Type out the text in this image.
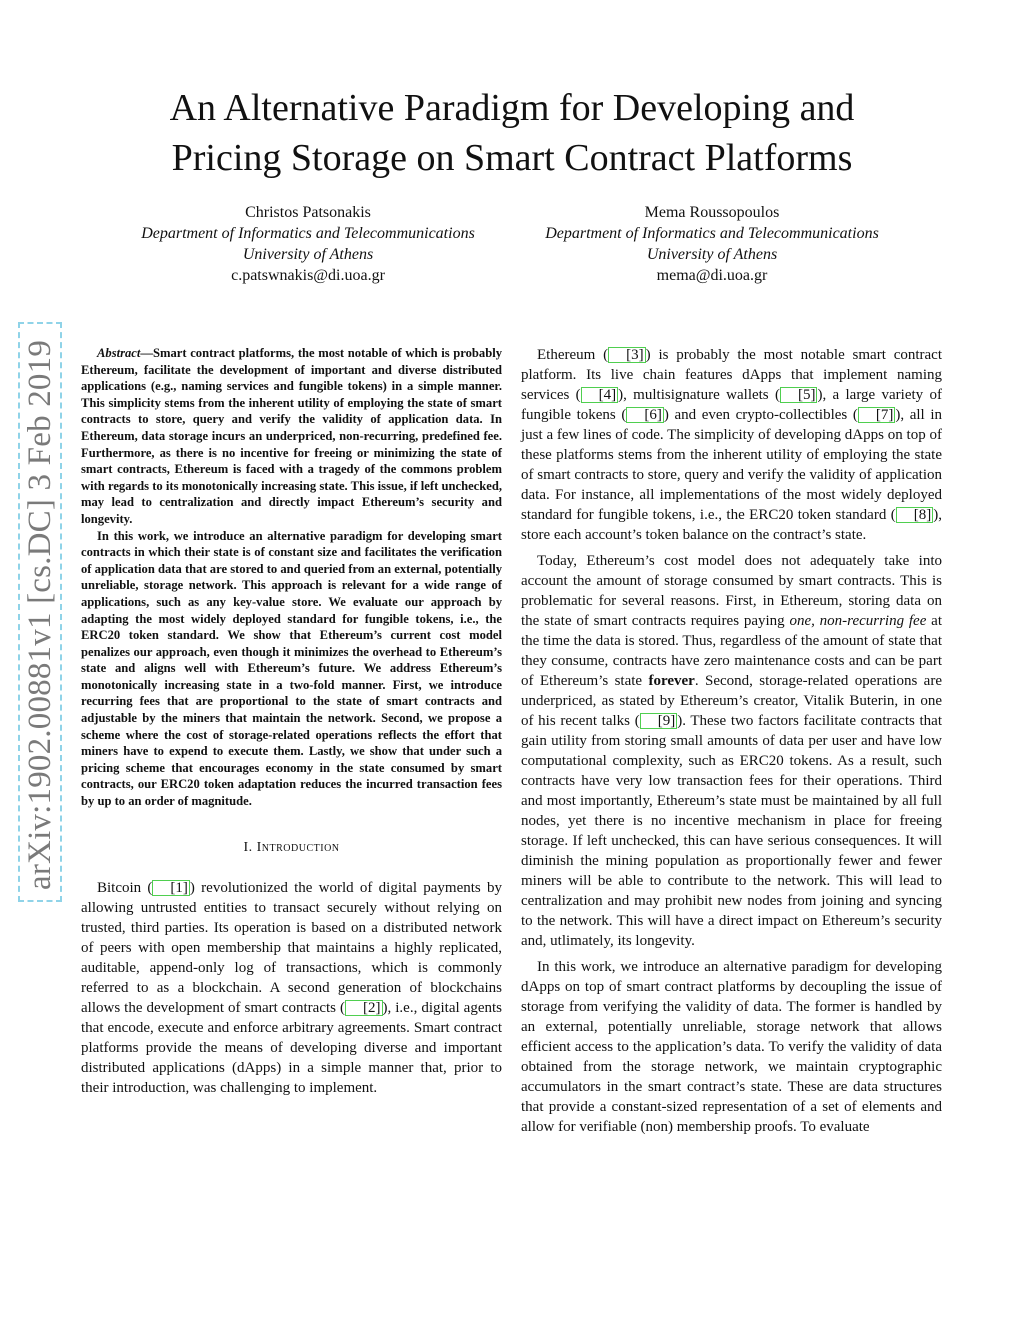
arXiv:1902.00881v1 [cs.DC] 3 Feb 2019
An Alternative Paradigm for Developing and
Pricing Storage on Smart Contract Platforms
Christos Patsonakis
Department of Informatics and Telecommunications
University of Athens
c.patswnakis@di.uoa.gr
Mema Roussopoulos
Department of Informatics and Telecommunications
University of Athens
mema@di.uoa.gr

Abstract—Smart contract platforms, the most notable of which is probably Ethereum, facilitate the development of important and diverse distributed applications (e.g., naming services and fungible tokens) in a simple manner. This simplicity stems from the inherent utility of employing the state of smart contracts to store, query and verify the validity of application data. In Ethereum, data storage incurs an underpriced, non-recurring, predefined fee. Furthermore, as there is no incentive for freeing or minimizing the state of smart contracts, Ethereum is faced with a tragedy of the commons problem with regards to its monotonically increasing state. This issue, if left unchecked, may lead to centralization and directly impact Ethereum’s security and longevity.

In this work, we introduce an alternative paradigm for developing smart contracts in which their state is of constant size and facilitates the verification of application data that are stored to and queried from an external, potentially unreliable, storage network. This approach is relevant for a wide range of applications, such as any key-value store. We evaluate our approach by adapting the most widely deployed standard for fungible tokens, i.e., the ERC20 token standard. We show that Ethereum’s current cost model penalizes our approach, even though it minimizes the overhead to Ethereum’s state and aligns well with Ethereum’s future. We address Ethereum’s monotonically increasing state in a two-fold manner. First, we introduce recurring fees that are proportional to the state of smart contracts and adjustable by the miners that maintain the network. Second, we propose a scheme where the cost of storage-related operations reflects the effort that miners have to expend to execute them. Lastly, we show that under such a pricing scheme that encourages economy in the state consumed by smart contracts, our ERC20 token adaptation reduces the incurred transaction fees by up to an order of magnitude.

I. Introduction

Bitcoin ( [1] ) revolutionized the world of digital payments by allowing untrusted entities to transact securely without relying on trusted, third parties. Its operation is based on a distributed network of peers with open membership that maintains a highly replicated, auditable, append-only log of transactions, which is commonly referred to as a blockchain. A second generation of blockchains allows the development of smart contracts ( [2] ), i.e., digital agents that encode, execute and enforce arbitrary agreements. Smart contract platforms provide the means of developing diverse and important distributed applications (dApps) in a simple manner that, prior to their introduction, was challenging to implement.

Ethereum ( [3] ) is probably the most notable smart contract platform. Its live chain features dApps that implement naming services ( [4] ), multisignature wallets ( [5] ), a large variety of fungible tokens ( [6] ) and even crypto-collectibles ( [7] ), all in just a few lines of code. The simplicity of developing dApps on top of these platforms stems from the inherent utility of employing the state of smart contracts to store, query and verify the validity of application data. For instance, all implementations of the most widely deployed standard for fungible tokens, i.e., the ERC20 token standard ( [8] ), store each account’s token balance on the contract’s state.

Today, Ethereum’s cost model does not adequately take into account the amount of storage consumed by smart contracts. This is problematic for several reasons. First, in Ethereum, storing data on the state of smart contracts requires paying one, non-recurring fee at the time the data is stored. Thus, regardless of the amount of state that they consume, contracts have zero maintenance costs and can be part of Ethereum’s state forever. Second, storage-related operations are underpriced, as stated by Ethereum’s creator, Vitalik Buterin, in one of his recent talks ( [9] ). These two factors facilitate contracts that gain utility from storing small amounts of data per user and have low computational complexity, such as ERC20 tokens. As a result, such contracts have very low transaction fees for their operations. Third and most importantly, Ethereum’s state must be maintained by all full nodes, yet there is no incentive mechanism in place for freeing storage. If left unchecked, this can have serious consequences. It will diminish the mining population as proportionally fewer and fewer miners will be able to contribute to the network. This will lead to centralization and may prohibit new nodes from joining and syncing to the network. This will have a direct impact on Ethereum’s security and, utlimately, its longevity.

In this work, we introduce an alternative paradigm for developing dApps on top of smart contract platforms by decoupling the issue of storage from verifying the validity of data. The former is handled by an external, potentially unreliable, storage network that allows efficient access to the application’s data. To verify the validity of data obtained from the storage network, we maintain cryptographic accumulators in the smart contract’s state. These are data structures that provide a constant-sized representation of a set of elements and allow for verifiable (non) membership proofs. To evaluate
